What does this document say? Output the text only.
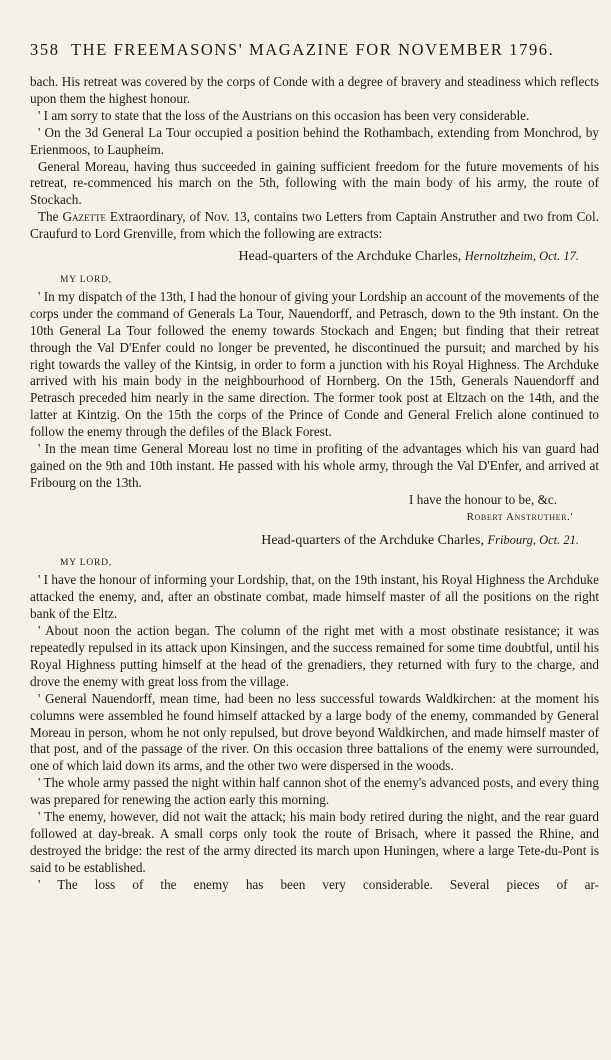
358 THE FREEMASONS' MAGAZINE FOR NOVEMBER 1796.

bach. His retreat was covered by the corps of Conde with a degree of bravery and steadiness which reflects upon them the highest honour.

' I am sorry to state that the loss of the Austrians on this occasion has been very considerable.

' On the 3d General La Tour occupied a position behind the Rothambach, extending from Monchrod, by Erienmoos, to Laupheim.

General Moreau, having thus succeeded in gaining sufficient freedom for the future movements of his retreat, re-commenced his march on the 5th, following with the main body of his army, the route of Stockach.

The Gazette Extraordinary, of Nov. 13, contains two Letters from Captain Anstruther and two from Col. Craufurd to Lord Grenville, from which the following are extracts:

Head-quarters of the Archduke Charles, Hernoltzheim, Oct. 17.
MY LORD,

' In my dispatch of the 13th, I had the honour of giving your Lordship an account of the movements of the corps under the command of Generals La Tour, Nauendorff, and Petrasch, down to the 9th instant. On the 10th General La Tour followed the enemy towards Stockach and Engen; but finding that their retreat through the Val D'Enfer could no longer be prevented, he discontinued the pursuit; and marched by his right towards the valley of the Kintsig, in order to form a junction with his Royal Highness. The Archduke arrived with his main body in the neighbourhood of Hornberg. On the 15th, Generals Nauendorff and Petrasch preceded him nearly in the same direction. The former took post at Eltzach on the 14th, and the latter at Kintzig. On the 15th the corps of the Prince of Conde and General Frelich alone continued to follow the enemy through the defiles of the Black Forest.

' In the mean time General Moreau lost no time in profiting of the advantages which his van guard had gained on the 9th and 10th instant. He passed with his whole army, through the Val D'Enfer, and arrived at Fribourg on the 13th.

I have the honour to be, &c.
Robert Anstruther.'
Head-quarters of the Archduke Charles, Fribourg, Oct. 21.
MY LORD,

' I have the honour of informing your Lordship, that, on the 19th instant, his Royal Highness the Archduke attacked the enemy, and, after an obstinate combat, made himself master of all the positions on the right bank of the Eltz.

' About noon the action began. The column of the right met with a most obstinate resistance; it was repeatedly repulsed in its attack upon Kinsingen, and the success remained for some time doubtful, until his Royal Highness putting himself at the head of the grenadiers, they returned with fury to the charge, and drove the enemy with great loss from the village.

' General Nauendorff, mean time, had been no less successful towards Waldkirchen: at the moment his columns were assembled he found himself attacked by a large body of the enemy, commanded by General Moreau in person, whom he not only repulsed, but drove beyond Waldkirchen, and made himself master of that post, and of the passage of the river. On this occasion three battalions of the enemy were surrounded, one of which laid down its arms, and the other two were dispersed in the woods.

' The whole army passed the night within half cannon shot of the enemy's advanced posts, and every thing was prepared for renewing the action early this morning.

' The enemy, however, did not wait the attack; his main body retired during the night, and the rear guard followed at day-break. A small corps only took the route of Brisach, where it passed the Rhine, and destroyed the bridge: the rest of the army directed its march upon Huningen, where a large Tete-du-Pont is said to be established.

' The loss of the enemy has been very considerable. Several pieces of ar-
